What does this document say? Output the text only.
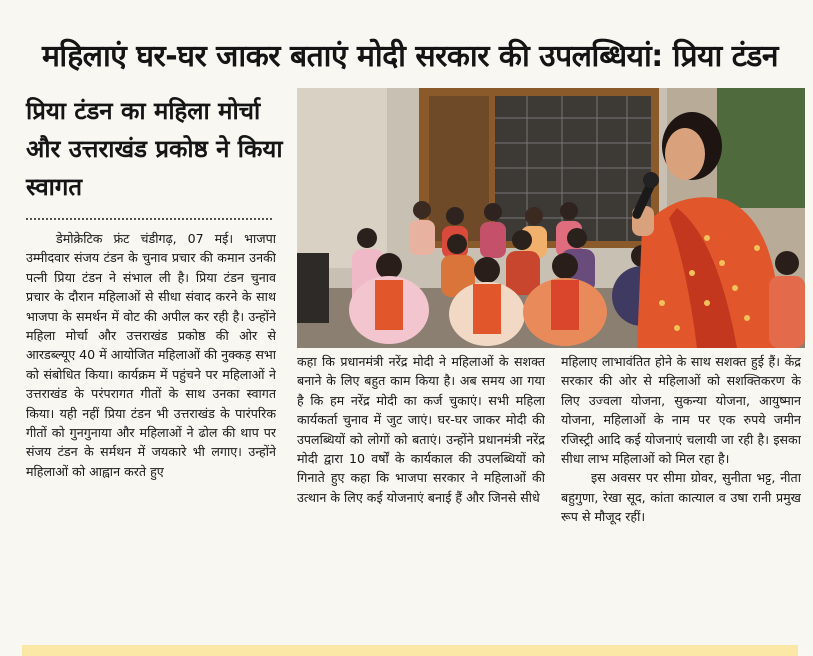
महिलाएं घर-घर जाकर बताएं मोदी सरकार की उपलब्धियां: प्रिया टंडन
प्रिया टंडन का महिला मोर्चा और उत्तराखंड प्रकोष्ठ ने किया स्वागत
डेमोक्रेटिक फ्रंट चंडीगढ़, 07 मई। भाजपा उम्मीदवार संजय टंडन के चुनाव प्रचार की कमान उनकी पत्नी प्रिया टंडन ने संभाल ली है। प्रिया टंडन चुनाव प्रचार के दौरान महिलाओं से सीधा संवाद करने के साथ भाजपा के समर्थन में वोट की अपील कर रही है। उन्होंने महिला मोर्चा और उत्तराखंड प्रकोष्ठ की ओर से आरडब्ल्यूए 40 में आयोजित महिलाओं की नुक्कड़ सभा को संबोधित किया। कार्यक्रम में पहुंचने पर महिलाओं ने उत्तराखंड के परंपरागत गीतों के साथ उनका स्वागत किया। यही नहीं प्रिया टंडन भी उत्तराखंड के पारंपरिक गीतों को गुनगुनाया और महिलाओं ने ढोल की थाप पर संजय टंडन के सर्मथन में जयकारे भी लगाए। उन्होंने महिलाओं को आह्वान करते हुए

कहा कि प्रधानमंत्री नरेंद्र मोदी ने महिलाओं के सशक्त बनाने के लिए बहुत काम किया है। अब समय आ गया है कि हम नरेंद्र मोदी का कर्ज चुकाएं। सभी महिला कार्यकर्ता चुनाव में जुट जाएं। घर-घर जाकर मोदी की उपलब्धियों को लोगों को बताएं। उन्होंने प्रधानमंत्री नरेंद्र मोदी द्वारा 10 वर्षों के कार्यकाल की उपलब्धियों को गिनाते हुए कहा कि भाजपा सरकार ने महिलाओं की उत्थान के लिए कई योजनाएं बनाई हैं और जिनसे सीधे

महिलाए लाभावंतित होने के साथ सशक्त हुई हैं। केंद्र सरकार की ओर से महिलाओं को सशक्तिकरण के लिए उज्वला योजना, सुकन्या योजना, आयुष्मान योजना, महिलाओं के नाम पर एक रुपये जमीन रजिस्ट्री आदि कई योजनाएं चलायी जा रही है। इसका सीधा लाभ महिलाओं को मिल रहा है।

इस अवसर पर सीमा ग्रोवर, सुनीता भट्ट, नीता बहुगुणा, रेखा सूद, कांता कात्याल व उषा रानी प्रमुख रूप से मौजूद रहीं।
